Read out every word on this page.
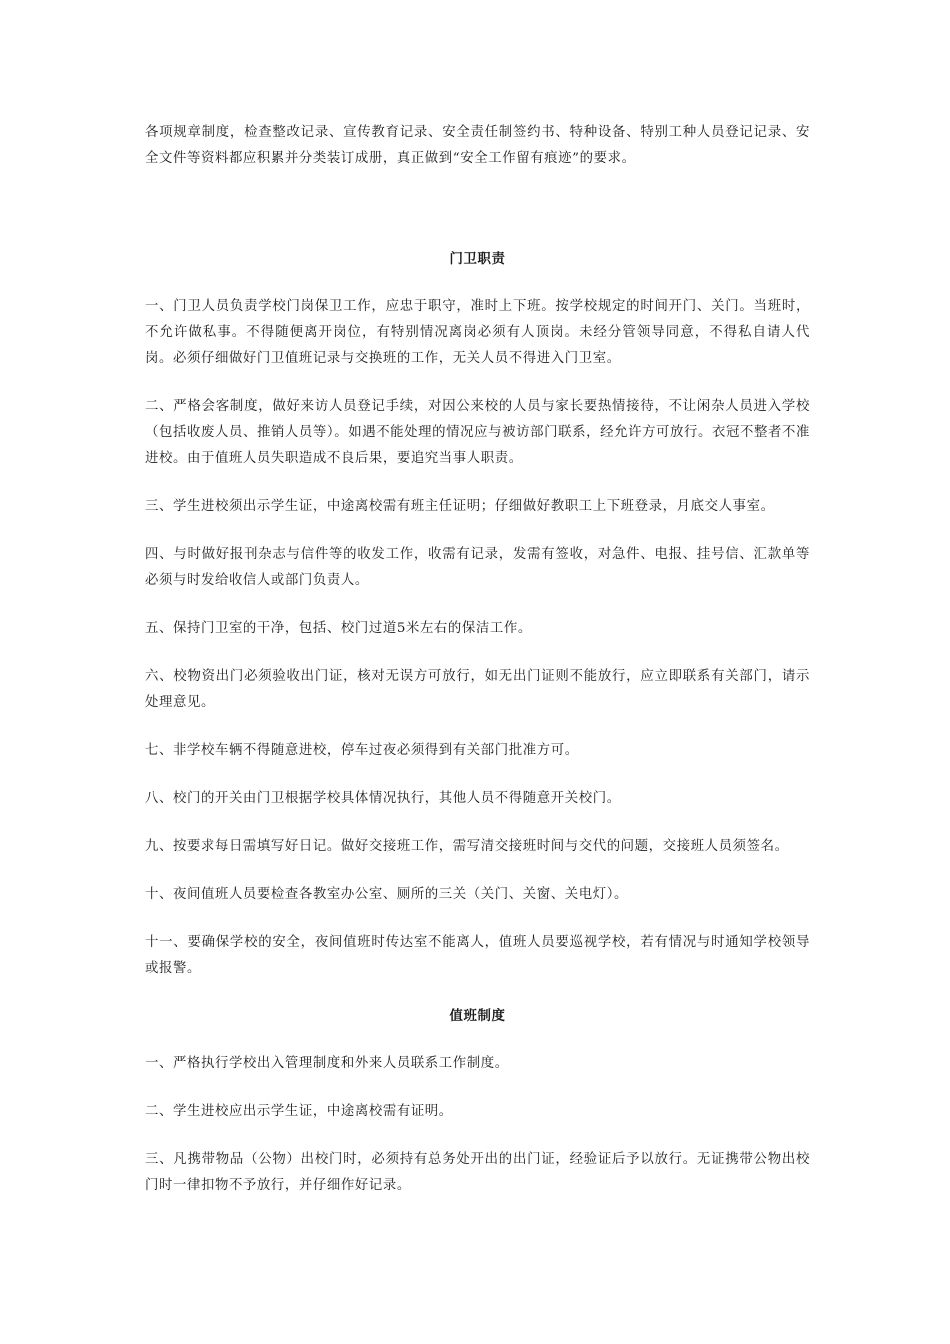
各项规章制度，检查整改记录、宣传教育记录、安全责任制签约书、特种设备、特别工种人员登记记录、安全文件等资料都应积累并分类装订成册，真正做到“安全工作留有痕迹”的要求。

门卫职责

一、门卫人员负责学校门岗保卫工作，应忠于职守，准时上下班。按学校规定的时间开门、关门。当班时，不允许做私事。不得随便离开岗位，有特别情况离岗必须有人顶岗。未经分管领导同意，不得私自请人代岗。必须仔细做好门卫值班记录与交换班的工作，无关人员不得进入门卫室。

二、严格会客制度，做好来访人员登记手续，对因公来校的人员与家长要热情接待，不让闲杂人员进入学校（包括收废人员、推销人员等）。如遇不能处理的情况应与被访部门联系，经允许方可放行。衣冠不整者不准进校。由于值班人员失职造成不良后果，要追究当事人职责。

三、学生进校须出示学生证，中途离校需有班主任证明；仔细做好教职工上下班登录，月底交人事室。

四、与时做好报刊杂志与信件等的收发工作，收需有记录，发需有签收，对急件、电报、挂号信、汇款单等必须与时发给收信人或部门负责人。

五、保持门卫室的干净，包括、校门过道5米左右的保洁工作。

六、校物资出门必须验收出门证，核对无误方可放行，如无出门证则不能放行，应立即联系有关部门，请示处理意见。

七、非学校车辆不得随意进校，停车过夜必须得到有关部门批准方可。

八、校门的开关由门卫根据学校具体情况执行，其他人员不得随意开关校门。

九、按要求每日需填写好日记。做好交接班工作，需写清交接班时间与交代的问题，交接班人员须签名。

十、夜间值班人员要检查各教室办公室、厕所的三关（关门、关窗、关电灯）。

十一、要确保学校的安全，夜间值班时传达室不能离人，值班人员要巡视学校，若有情况与时通知学校领导或报警。

值班制度

一、严格执行学校出入管理制度和外来人员联系工作制度。

二、学生进校应出示学生证，中途离校需有证明。

三、凡携带物品（公物）出校门时，必须持有总务处开出的出门证，经验证后予以放行。无证携带公物出校门时一律扣物不予放行，并仔细作好记录。
